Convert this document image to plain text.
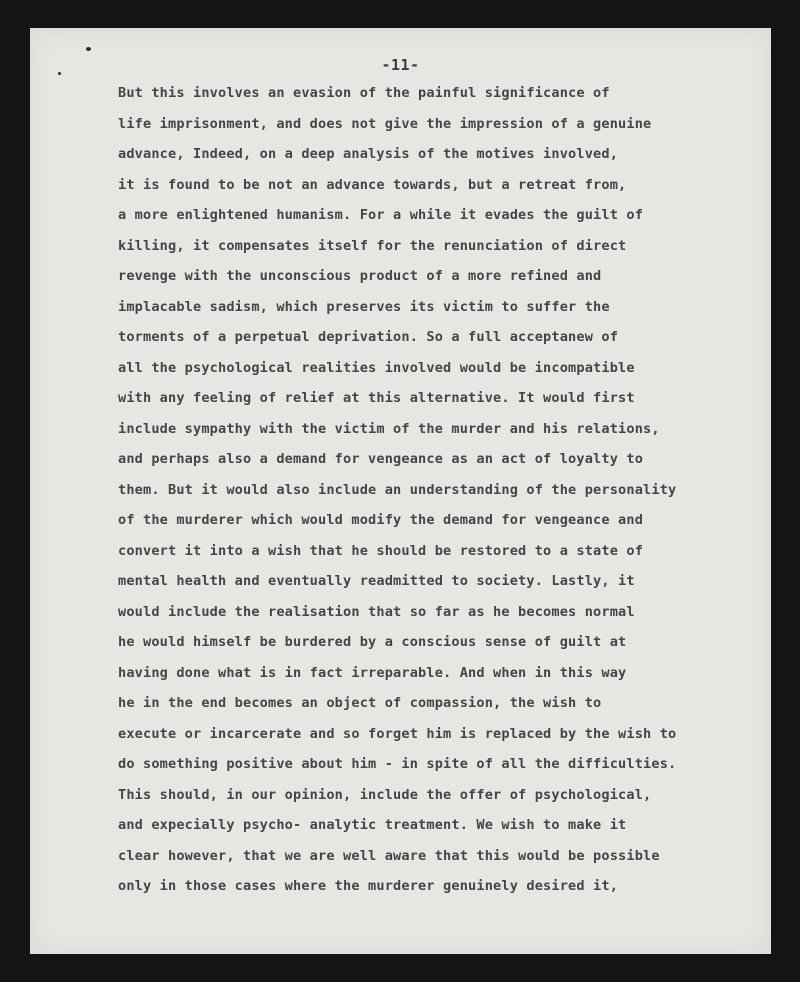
-11-
But this involves an evasion of the painful significance of
life imprisonment, and does not give the impression of a genuine
advance, Indeed, on a deep analysis of the motives involved,
it is found to be not an advance towards, but a retreat from,
a more enlightened humanism. For a while it evades the guilt of
killing, it compensates itself for the renunciation of direct
revenge with the unconscious product of a more refined and
implacable sadism, which preserves its victim to suffer the
torments of a perpetual deprivation. So a full acceptanew of
all the psychological realities involved would be incompatible
with any feeling of relief at this alternative. It would first
include sympathy with the victim of the murder and his relations,
and perhaps also a demand for vengeance as an act of loyalty to
them. But it would also include an understanding of the personality
of the murderer which would modify the demand for vengeance and
convert it into a wish that he should be restored to a state of
mental health and eventually readmitted to society. Lastly, it
would include the realisation that so far as he becomes normal
he would himself be burdered by a conscious sense of guilt at
having done what is in fact irreparable. And when in this way
he in the end becomes an object of compassion, the wish to
execute or incarcerate and so forget him is replaced by the wish to
do something positive about him - in spite of all the difficulties.
This should, in our opinion, include the offer of psychological,
and expecially psycho- analytic treatment. We wish to make it
clear however, that we are well aware that this would be possible
only in those cases where the murderer genuinely desired it,
